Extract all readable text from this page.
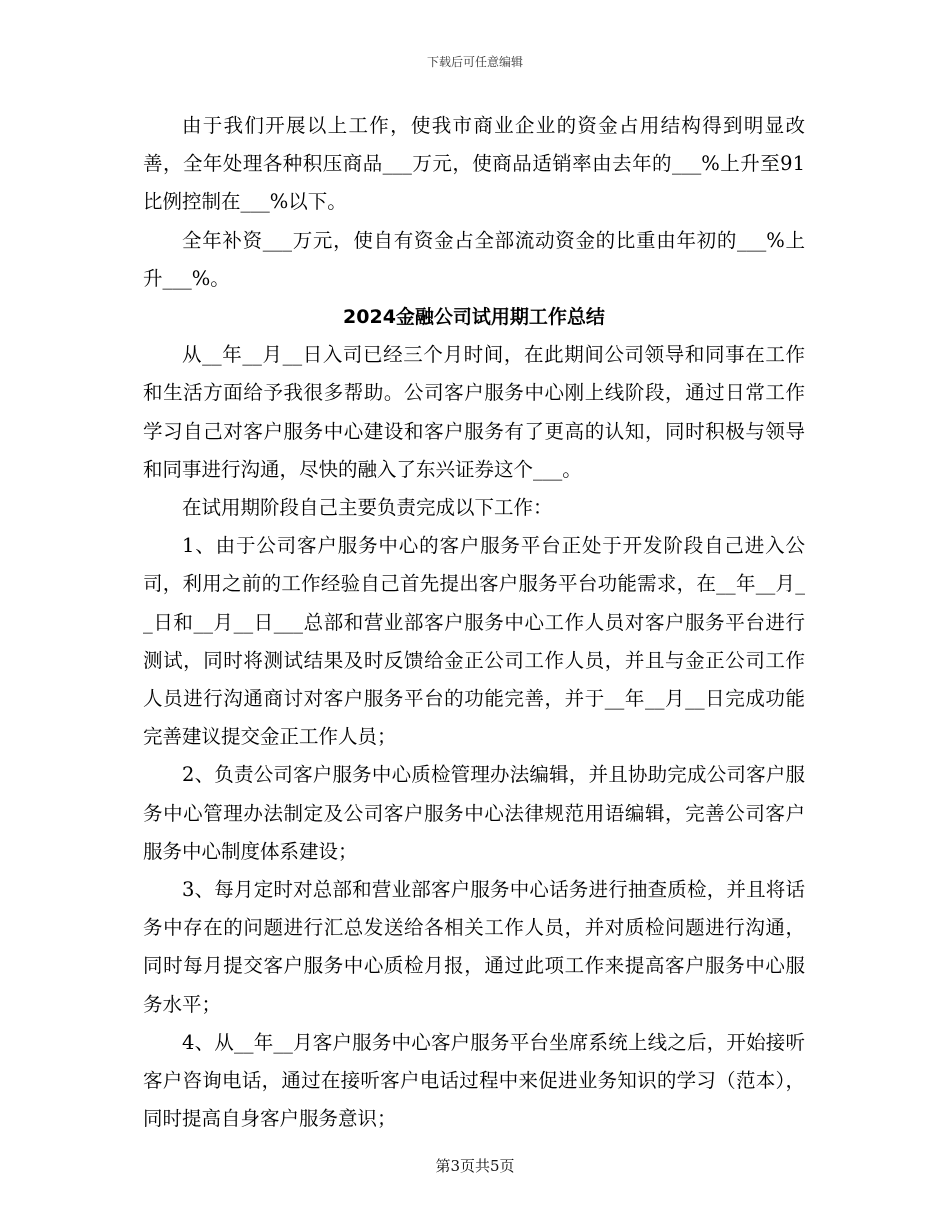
下载后可任意编辑

由于我们开展以上工作，使我市商业企业的资金占用结构得到明显改善，全年处理各种积压商品___万元，使商品适销率由去年的___%上升至91比例控制在___%以下。

全年补资___万元，使自有资金占全部流动资金的比重由年初的___%上升___%。

2024金融公司试用期工作总结

从__年__月__日入司已经三个月时间，在此期间公司领导和同事在工作和生活方面给予我很多帮助。公司客户服务中心刚上线阶段，通过日常工作学习自己对客户服务中心建设和客户服务有了更高的认知，同时积极与领导和同事进行沟通，尽快的融入了东兴证券这个___。

在试用期阶段自己主要负责完成以下工作：

1、由于公司客户服务中心的客户服务平台正处于开发阶段自己进入公司，利用之前的工作经验自己首先提出客户服务平台功能需求，在__年__月__日和__月__日___总部和营业部客户服务中心工作人员对客户服务平台进行测试，同时将测试结果及时反馈给金正公司工作人员，并且与金正公司工作人员进行沟通商讨对客户服务平台的功能完善，并于__年__月__日完成功能完善建议提交金正工作人员；

2、负责公司客户服务中心质检管理办法编辑，并且协助完成公司客户服务中心管理办法制定及公司客户服务中心法律规范用语编辑，完善公司客户服务中心制度体系建设；

3、每月定时对总部和营业部客户服务中心话务进行抽查质检，并且将话务中存在的问题进行汇总发送给各相关工作人员，并对质检问题进行沟通，同时每月提交客户服务中心质检月报，通过此项工作来提高客户服务中心服务水平；

4、从__年__月客户服务中心客户服务平台坐席系统上线之后，开始接听客户咨询电话，通过在接听客户电话过程中来促进业务知识的学习（范本），同时提高自身客户服务意识；

第3页共5页
